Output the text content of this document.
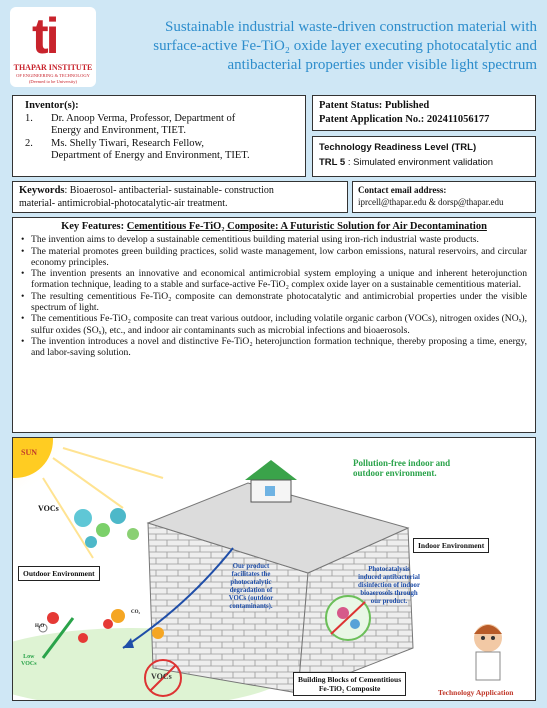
ti
THAPAR INSTITUTE
OF ENGINEERING & TECHNOLOGY
(Deemed to be University)
Sustainable industrial waste-driven construction material with
surface-active Fe-TiO₂ oxide layer executing photocatalytic and
antibacterial properties under visible light spectrum
Inventor(s):
1.	Dr. Anoop Verma, Professor, Department of
Energy and Environment, TIET.
2.	Ms. Shelly Tiwari, Research Fellow,
Department of Energy and Environment, TIET.
Patent Status: Published
Patent Application No.: 202411056177
Technology Readiness Level (TRL)
TRL 5 : Simulated environment validation
Keywords: Bioaerosol- antibacterial- sustainable- construction
material- antimicrobial-photocatalytic-air treatment.
Contact email address:
iprcell@thapar.edu & dorsp@thapar.edu
Key Features: Cementitious Fe-TiO₂ Composite: A Futuristic Solution for Air Decontamination
• The invention aims to develop a sustainable cementitious building material using iron-rich industrial waste products.
• The material promotes green building practices, solid waste management, low carbon emissions, natural reservoirs, and circular economy principles.
• The invention presents an innovative and economical antimicrobial system employing a unique and inherent heterojunction formation technique, leading to a stable and surface-active Fe-TiO₂ complex oxide layer on a sustainable cementitious material.
• The resulting cementitious Fe-TiO₂ composite can demonstrate photocatalytic and antimicrobial properties under the visible spectrum of light.
• The cementitious Fe-TiO₂ composite can treat various outdoor, including volatile organic carbon (VOCs), nitrogen oxides (NOₓ), sulfur oxides (SOₓ), etc., and indoor air contaminants such as microbial infections and bioaerosols.
• The invention introduces a novel and distinctive Fe-TiO₂ heterojunction formation technique, thereby proposing a time, energy, and labor-saving solution.
SUN
Pollution-free indoor and
outdoor environment.
VOCs
Outdoor Environment
Indoor Environment
Our product
facilitates the
photocatalytic
degradation of
VOCs (outdoor
contaminants).
Photocatalysis
induced antibacterial
disinfection of indoor
bioaerosols through
our product.
H₂O
CO₂
Low
VOCs
VOCs	Building Blocks of Cementitious
Fe-TiO₂ Composite	Technology Application
